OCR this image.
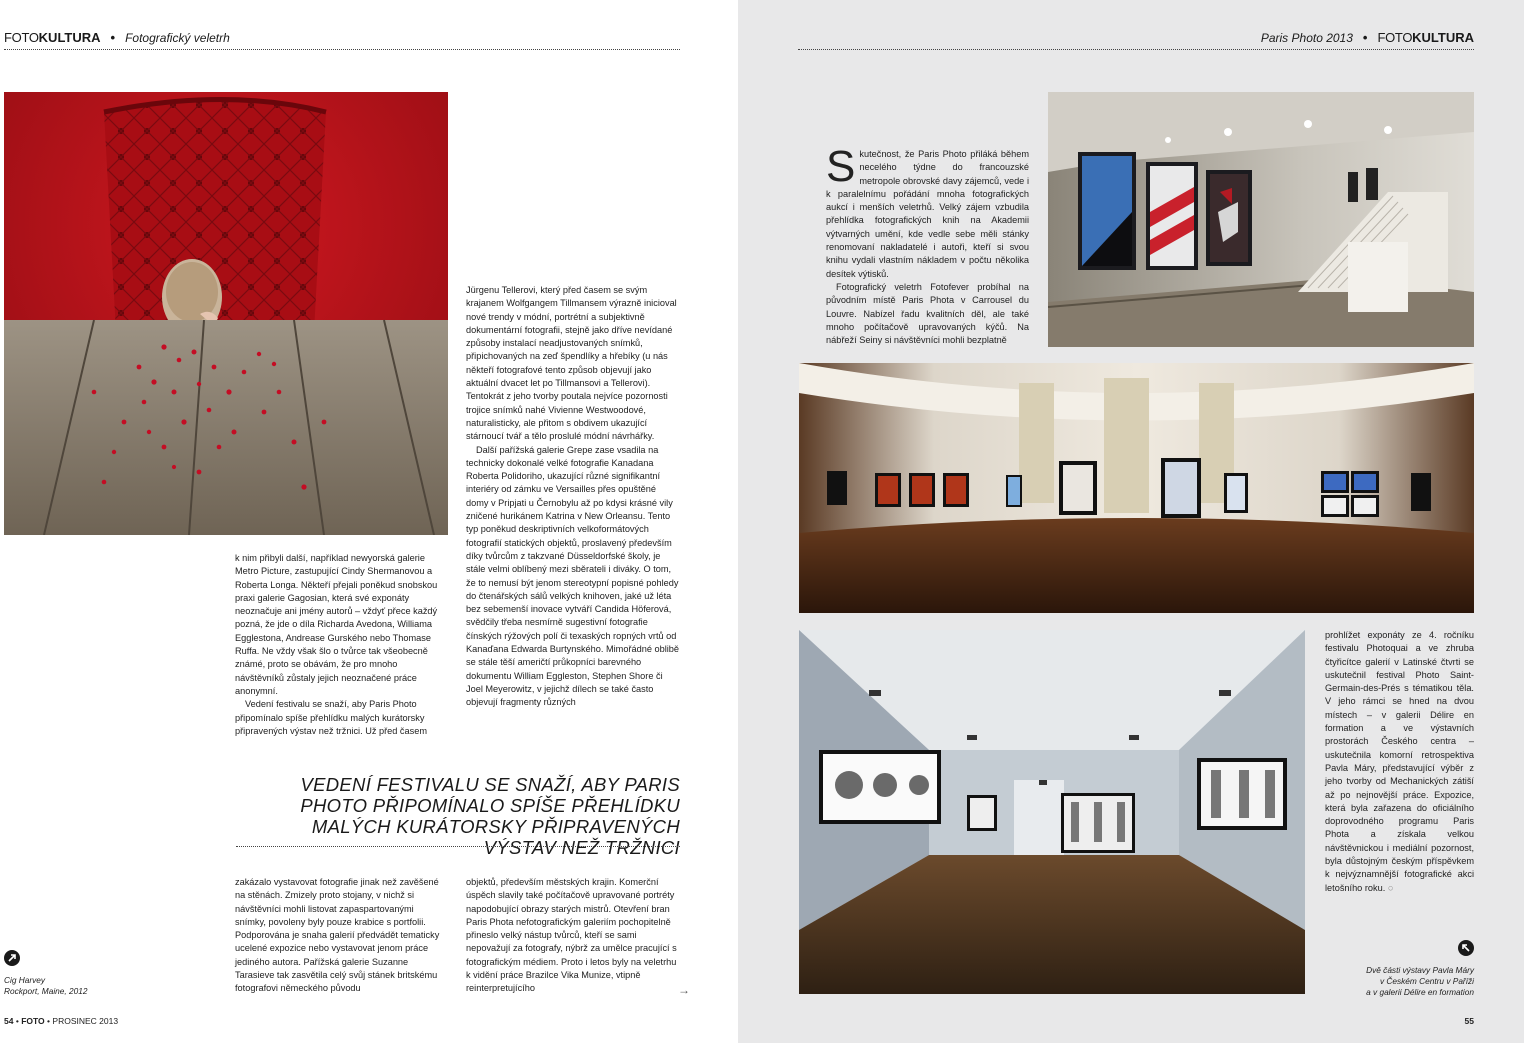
FOTOKULTURA • Fotografický veletrh	Paris Photo 2013 • FOTOKULTURA

k nim přibyli další, například newyorská galerie Metro Picture, zastupující Cindy Shermanovou a Roberta Longa. Někteří přejali poněkud snobskou praxi galerie Gagosian, která své exponáty neoznačuje ani jmény autorů – vždyť přece každý pozná, že jde o díla Richarda Avedona, Williama Egglestona, Andrease Gurského nebo Thomase Ruffa. Ne vždy však šlo o tvůrce tak všeobecně známé, proto se obávám, že pro mnoho návštěvníků zůstaly jejich neoznačené práce anonymní.

Vedení festivalu se snaží, aby Paris Photo připomínalo spíše přehlídku malých kurátorsky připravených výstav než tržnici. Už před časem

Jürgenu Tellerovi, který před časem se svým krajanem Wolfgangem Tillmansem výrazně inicioval nové trendy v módní, portrétní a subjektivně dokumentární fotografii, stejně jako dříve nevídané způsoby instalací neadjustovaných snímků, připichovaných na zeď špendlíky a hřebíky (u nás někteří fotografové tento způsob objevují jako aktuální dvacet let po Tillmansovi a Tellerovi). Tentokrát z jeho tvorby poutala nejvíce pozornosti trojice snímků nahé Vivienne Westwoodové, naturalisticky, ale přitom s obdivem ukazující stárnoucí tvář a tělo proslulé módní návrhářky.

Další pařížská galerie Grepe zase vsadila na technicky dokonalé velké fotografie Kanadana Roberta Polidoriho, ukazující různé signifikantní interiéry od zámku ve Versailles přes opuštěné domy v Pripjati u Černobylu až po kdysi krásné vily zničené hurikánem Katrina v New Orleansu. Tento typ poněkud deskriptivních velkoformátových fotografií statických objektů, proslavený především díky tvůrcům z takzvané Düsseldorfské školy, je stále velmi oblíbený mezi sběrateli i diváky. O tom, že to nemusí být jenom stereotypní popisné pohledy do čtenářských sálů velkých knihoven, jaké už léta bez sebemenší inovace vytváří Candida Höferová, svědčily třeba nesmírně sugestivní fotografie čínských rýžových polí či texaských ropných vrtů od Kanaďana Edwarda Burtynského. Mimořádné oblibě se stále těší američtí průkopníci barevného dokumentu William Eggleston, Stephen Shore či Joel Meyerowitz, v jejichž dílech se také často objevují fragmenty různých

VEDENÍ FESTIVALU SE SNAŽÍ, ABY PARIS PHOTO PŘIPOMÍNALO SPÍŠE PŘEHLÍDKU MALÝCH KURÁTORSKY PŘIPRAVENÝCH VÝSTAV NEŽ TRŽNICI

zakázalo vystavovat fotografie jinak než zavěšené na stěnách. Zmizely proto stojany, v nichž si návštěvníci mohli listovat zapaspartovanými snímky, povoleny byly pouze krabice s portfolii. Podporována je snaha galerií předvádět tematicky ucelené expozice nebo vystavovat jenom práce jediného autora. Pařížská galerie Suzanne Tarasieve tak zasvětila celý svůj stánek britskému fotografovi německého původu

objektů, především městských krajin. Komerční úspěch slavily také počítačově upravované portréty napodobující obrazy starých mistrů. Otevření bran Paris Phota nefotografickým galeriím pochopitelně přineslo velký nástup tvůrců, kteří se sami nepovažují za fotografy, nýbrž za umělce pracující s fotografickým médiem. Proto i letos byly na veletrhu k vidění práce Brazilce Vika Munize, vtipně reinterpretujícího	→
Cig Harvey
Rockport, Maine, 2012
54 • FOTO • PROSINEC 2013

Skutečnost, že Paris Photo přiláká během necelého týdne do francouzské metropole obrovské davy zájemců, vede i k paralelnímu pořádání mnoha fotografických aukcí i menších veletrhů. Velký zájem vzbudila přehlídka fotografických knih na Akademii výtvarných umění, kde vedle sebe měli stánky renomovaní nakladatelé i autoři, kteří si svou knihu vydali vlastním nákladem v počtu několika desítek výtisků.

Fotografický veletrh Fotofever probíhal na původním místě Paris Phota v Carrousel du Louvre. Nabízel řadu kvalitních děl, ale také mnoho počítačově upravovaných kýčů. Na nábřeží Seiny si návštěvníci mohli bezplatně

prohlížet exponáty ze 4. ročníku festivalu Photoquai a ve zhruba čtyřicítce galerií v Latinské čtvrti se uskutečnil festival Photo Saint-Germain-des-Prés s tématikou těla. V jeho rámci se hned na dvou místech – v galerii Délire en formation a ve výstavních prostorách Českého centra – uskutečnila komorní retrospektiva Pavla Máry, představující výběr z jeho tvorby od Mechanických zátiší až po nejnovější práce. Expozice, která byla zařazena do oficiálního doprovodného programu Paris Phota a získala velkou návštěvnickou i mediální pozornost, byla důstojným českým příspěvkem k nejvýznamnější fotografické akci letošního roku. ○

Dvě části výstavy Pavla Máry
v Českém Centru v Paříži
a v galerii Délire en formation
55
